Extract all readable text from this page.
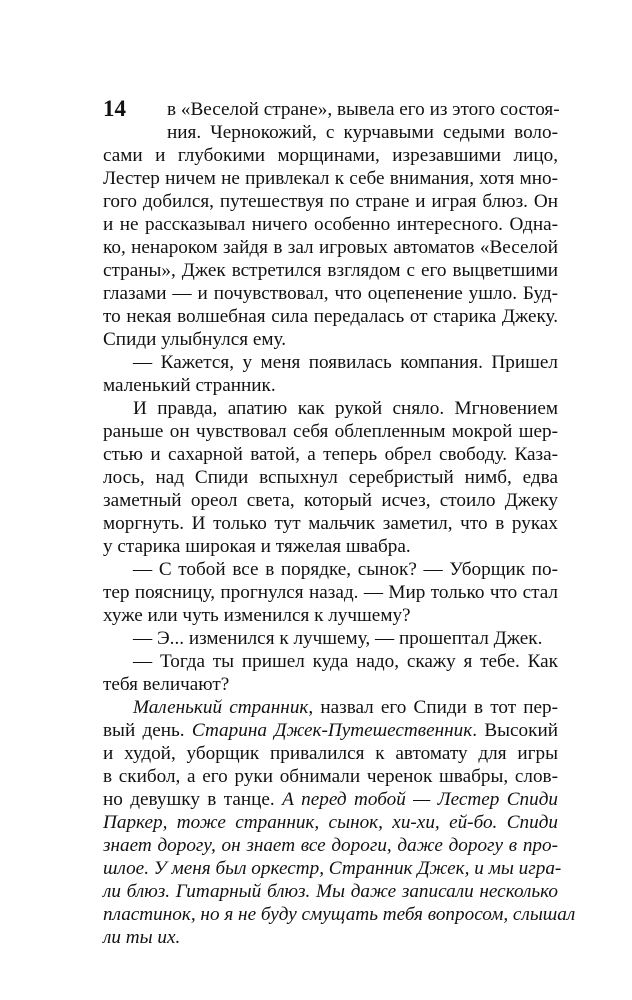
14 в «Веселой стране», вывела его из этого состоя-
ния. Чернокожий, с курчавыми седыми воло-
сами и глубокими морщинами, изрезавшими лицо,
Лестер ничем не привлекал к себе внимания, хотя мно-
гого добился, путешествуя по стране и играя блюз. Он
и не рассказывал ничего особенно интересного. Одна-
ко, ненароком зайдя в зал игровых автоматов «Веселой
страны», Джек встретился взглядом с его выцветшими
глазами — и почувствовал, что оцепенение ушло. Буд-
то некая волшебная сила передалась от старика Джеку.
Спиди улыбнулся ему.
— Кажется, у меня появилась компания. Пришел
маленький странник.
И правда, апатию как рукой сняло. Мгновением
раньше он чувствовал себя облепленным мокрой шер-
стью и сахарной ватой, а теперь обрел свободу. Каза-
лось, над Спиди вспыхнул серебристый нимб, едва
заметный ореол света, который исчез, стоило Джеку
моргнуть. И только тут мальчик заметил, что в руках
у старика широкая и тяжелая швабра.
— С тобой все в порядке, сынок? — Уборщик по-
тер поясницу, прогнулся назад. — Мир только что стал
хуже или чуть изменился к лучшему?
— Э... изменился к лучшему, — прошептал Джек.
— Тогда ты пришел куда надо, скажу я тебе. Как
тебя величают?
Маленький странник, назвал его Спиди в тот пер-
вый день. Старина Джек-Путешественник. Высокий
и худой, уборщик привалился к автомату для игры
в скибол, а его руки обнимали черенок швабры, слов-
но девушку в танце. А перед тобой — Лестер Спиди
Паркер, тоже странник, сынок, хи-хи, ей-бо. Спиди
знает дорогу, он знает все дороги, даже дорогу в про-
шлое. У меня был оркестр, Странник Джек, и мы игра-
ли блюз. Гитарный блюз. Мы даже записали несколько
пластинок, но я не буду смущать тебя вопросом, слышал
ли ты их.
